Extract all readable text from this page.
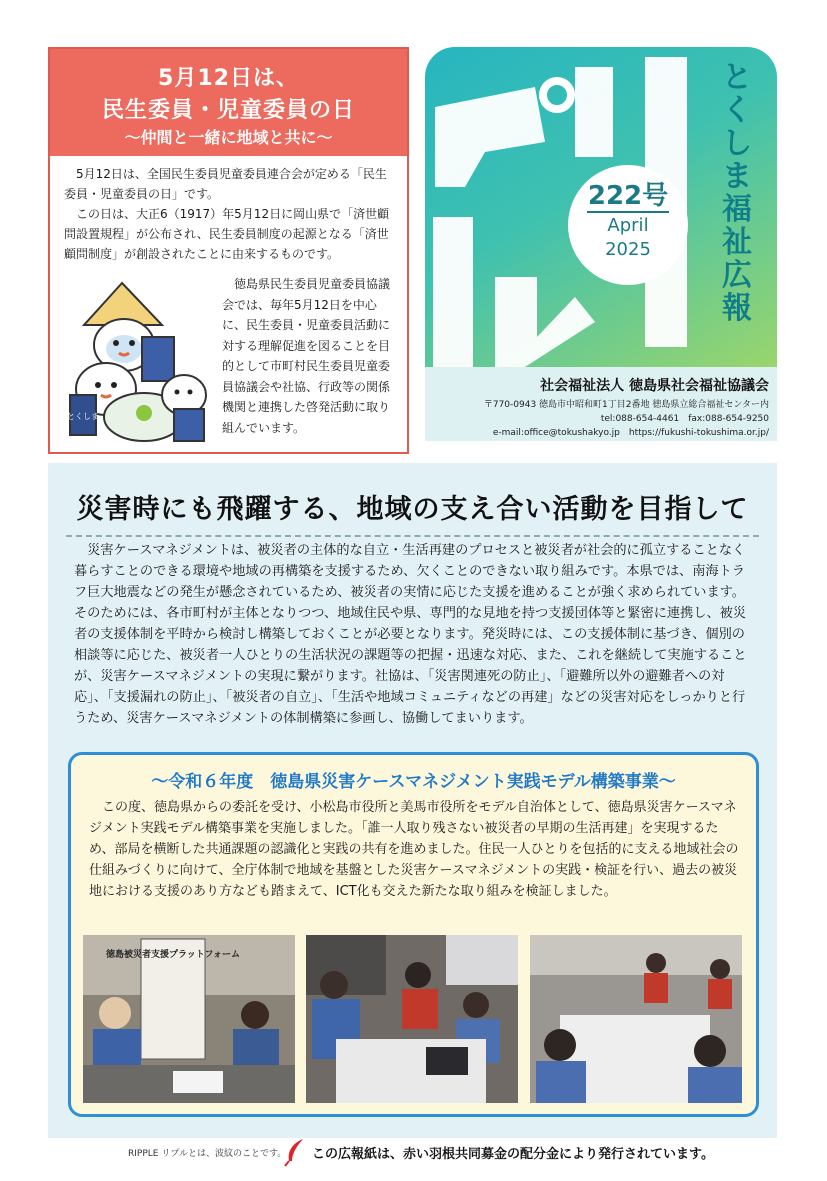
5月12日は、
民生委員・児童委員の日
〜仲間と一緒に地域と共に〜

5月12日は、全国民生委員児童委員連合会が定める「民生委員・児童委員の日」です。

この日は、大正6（1917）年5月12日に岡山県で「済世顧問設置規程」が公布され、民生委員制度の起源となる「済世顧問制度」が創設されたことに由来するものです。

とくしま

徳島県民生委員児童委員協議会では、毎年5月12日を中心に、民生委員・児童委員活動に対する理解促進を図ることを目的として市町村民生委員児童委員協議会や社協、行政等の関係機関と連携した啓発活動に取り組んでいます。

222号
April
2025
とくしま福祉広報
社会福祉法人 徳島県社会福祉協議会
〒770-0943 徳島市中昭和町1丁目2番地 徳島県立総合福祉センター内
tel:088-654-4461　fax:088-654-9250
e-mail:office@tokushakyo.jp　https://fukushi-tokushima.or.jp/
災害時にも飛躍する、地域の支え合い活動を目指して

災害ケースマネジメントは、被災者の主体的な自立・生活再建のプロセスと被災者が社会的に孤立することなく暮らすことのできる環境や地域の再構築を支援するため、欠くことのできない取り組みです。本県では、南海トラフ巨大地震などの発生が懸念されているため、被災者の実情に応じた支援を進めることが強く求められています。そのためには、各市町村が主体となりつつ、地域住民や県、専門的な見地を持つ支援団体等と緊密に連携し、被災者の支援体制を平時から検討し構築しておくことが必要となります。発災時には、この支援体制に基づき、個別の相談等に応じた、被災者一人ひとりの生活状況の課題等の把握・迅速な対応、また、これを継続して実施することが、災害ケースマネジメントの実現に繋がります。社協は、「災害関連死の防止」、「避難所以外の避難者への対応」、「支援漏れの防止」、「被災者の自立」、「生活や地域コミュニティなどの再建」などの災害対応をしっかりと行うため、災害ケースマネジメントの体制構築に参画し、協働してまいります。

〜令和６年度　徳島県災害ケースマネジメント実践モデル構築事業〜

この度、徳島県からの委託を受け、小松島市役所と美馬市役所をモデル自治体として、徳島県災害ケースマネジメント実践モデル構築事業を実施しました。「誰一人取り残さない被災者の早期の生活再建」を実現するため、部局を横断した共通課題の認識化と実践の共有を進めました。住民一人ひとりを包括的に支える地域社会の仕組みづくりに向けて、全庁体制で地域を基盤とした災害ケースマネジメントの実践・検証を行い、過去の被災地における支援のあり方なども踏まえて、ICT化も交えた新たな取り組みを検証しました。

徳島被災者支援プラットフォーム
RIPPLE リプルとは、波紋のことです。 この広報紙は、赤い羽根共同募金の配分金により発行されています。
